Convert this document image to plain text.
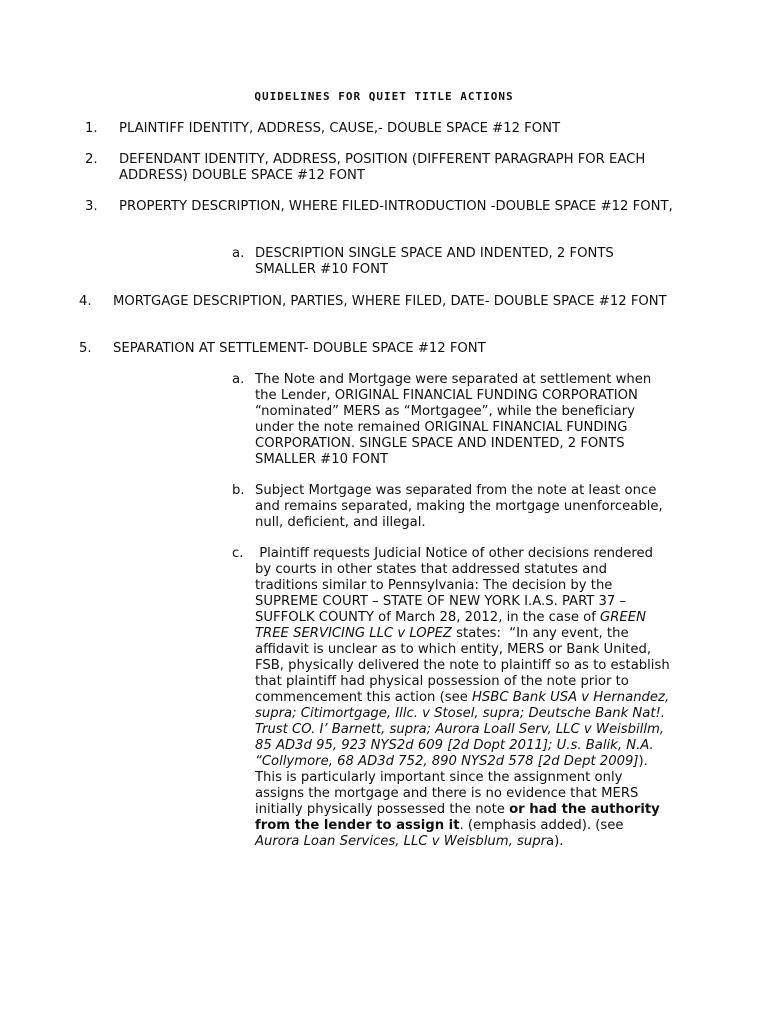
QUIDELINES FOR QUIET TITLE ACTIONS
1. PLAINTIFF IDENTITY, ADDRESS, CAUSE,- DOUBLE SPACE #12 FONT
2. DEFENDANT IDENTITY, ADDRESS, POSITION (DIFFERENT PARAGRAPH FOR EACH ADDRESS) DOUBLE SPACE #12 FONT
3. PROPERTY DESCRIPTION, WHERE FILED-INTRODUCTION -DOUBLE SPACE #12 FONT,
a. DESCRIPTION SINGLE SPACE AND INDENTED, 2 FONTS SMALLER #10 FONT
4. MORTGAGE DESCRIPTION, PARTIES, WHERE FILED, DATE- DOUBLE SPACE #12 FONT
5. SEPARATION AT SETTLEMENT- DOUBLE SPACE #12 FONT
a. The Note and Mortgage were separated at settlement when the Lender, ORIGINAL FINANCIAL FUNDING CORPORATION “nominated” MERS as “Mortgagee”, while the beneficiary under the note remained ORIGINAL FINANCIAL FUNDING CORPORATION. SINGLE SPACE AND INDENTED, 2 FONTS SMALLER #10 FONT
b. Subject Mortgage was separated from the note at least once and remains separated, making the mortgage unenforceable, null, deficient, and illegal.
c. Plaintiff requests Judicial Notice of other decisions rendered by courts in other states that addressed statutes and traditions similar to Pennsylvania: The decision by the SUPREME COURT – STATE OF NEW YORK I.A.S. PART 37 – SUFFOLK COUNTY of March 28, 2012, in the case of GREEN TREE SERVICING LLC v LOPEZ states:  “In any event, the affidavit is unclear as to which entity, MERS or Bank United, FSB, physically delivered the note to plaintiff so as to establish that plaintiff had physical possession of the note prior to commencement this action (see HSBC Bank USA v Hernandez, supra; Citimortgage, Illc. v Stosel, supra; Deutsche Bank Nat!. Trust CO. I’ Barnett, supra; Aurora Loall Serv, LLC v Weisbillm, 85 AD3d 95, 923 NYS2d 609 [2d Dopt 2011]; U.s. Balik, N.A. “Collymore, 68 AD3d 752, 890 NYS2d 578 [2d Dept 2009]). This is particularly important since the assignment only assigns the mortgage and there is no evidence that MERS initially physically possessed the note or had the authority from the lender to assign it. (emphasis added). (see Aurora Loan Services, LLC v Weisblum, supra).
